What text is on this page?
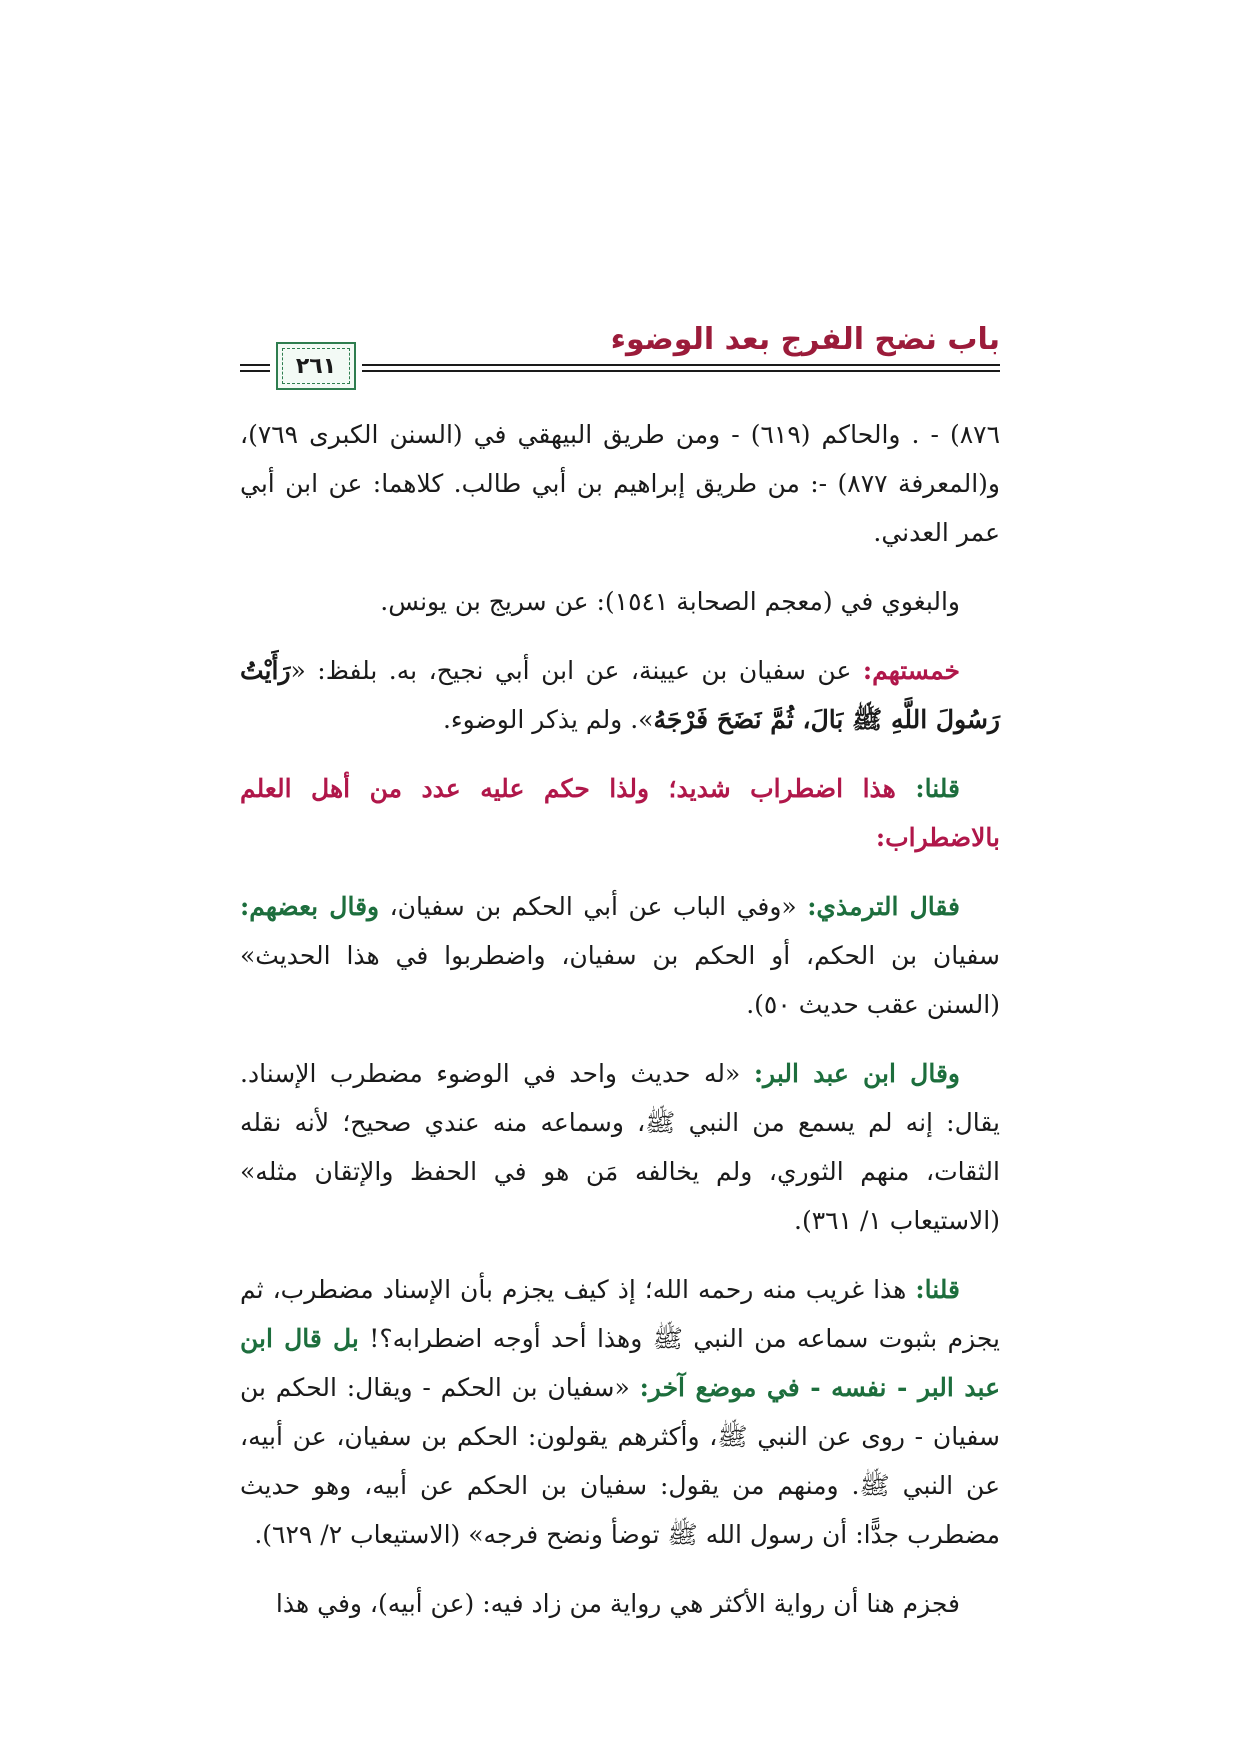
باب نضح الفرج بعد الوضوء
٢٦١

٨٧٦) - . والحاكم (٦١٩) - ومن طريق البيهقي في (السنن الكبرى ٧٦٩)، و(المعرفة ٨٧٧) -: من طريق إبراهيم بن أبي طالب. كلاهما: عن ابن أبي عمر العدني.

والبغوي في (معجم الصحابة ١٥٤١): عن سريج بن يونس.

خمستهم: عن سفيان بن عيينة، عن ابن أبي نجيح، به. بلفظ: «رَأَيْتُ رَسُولَ اللَّهِ ﷺ بَالَ، ثُمَّ نَضَحَ فَرْجَهُ». ولم يذكر الوضوء.

قلنا: هذا اضطراب شديد؛ ولذا حكم عليه عدد من أهل العلم بالاضطراب:

فقال الترمذي: «وفي الباب عن أبي الحكم بن سفيان، وقال بعضهم: سفيان بن الحكم، أو الحكم بن سفيان، واضطربوا في هذا الحديث» (السنن عقب حديث ٥٠).

وقال ابن عبد البر: «له حديث واحد في الوضوء مضطرب الإسناد. يقال: إنه لم يسمع من النبي ﷺ، وسماعه منه عندي صحيح؛ لأنه نقله الثقات، منهم الثوري، ولم يخالفه مَن هو في الحفظ والإتقان مثله» (الاستيعاب ١/ ٣٦١).

قلنا: هذا غريب منه رحمه الله؛ إذ كيف يجزم بأن الإسناد مضطرب، ثم يجزم بثبوت سماعه من النبي ﷺ وهذا أحد أوجه اضطرابه؟! بل قال ابن عبد البر - نفسه - في موضع آخر: «سفيان بن الحكم - ويقال: الحكم بن سفيان - روى عن النبي ﷺ، وأكثرهم يقولون: الحكم بن سفيان، عن أبيه، عن النبي ﷺ. ومنهم من يقول: سفيان بن الحكم عن أبيه، وهو حديث مضطرب جدًّا: أن رسول الله ﷺ توضأ ونضح فرجه» (الاستيعاب ٢/ ٦٢٩).

فجزم هنا أن رواية الأكثر هي رواية من زاد فيه: (عن أبيه)، وفي هذا
